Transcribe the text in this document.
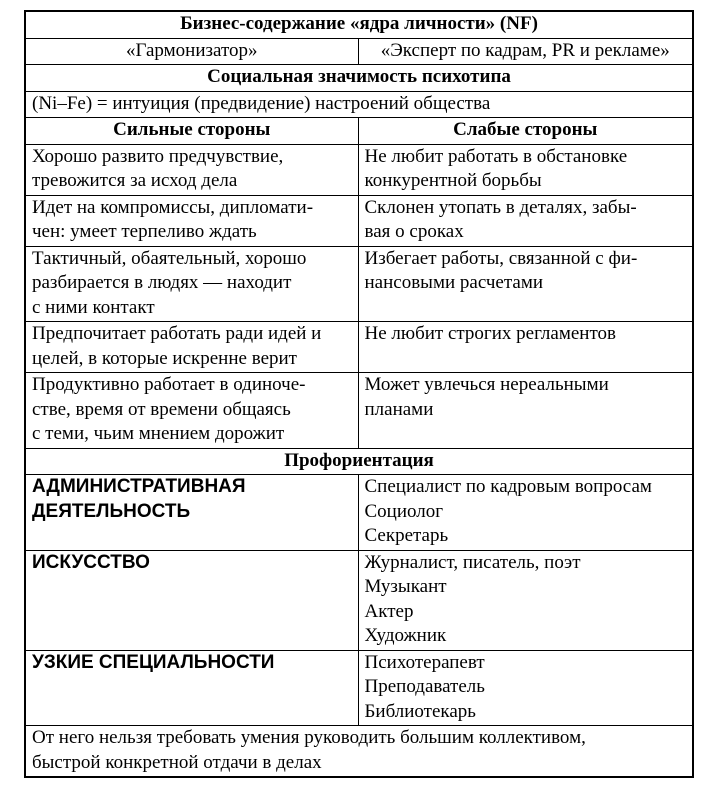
Бизнес-содержание «ядра личности» (NF)	
«Гармонизатор»	«Эксперт по кадрам, PR и рекламе»
Социальная значимость психотипа	
(Ni–Fe) = интуиция (предвидение) настроений общества	
Сильные стороны	Слабые стороны

Хорошо развито предчувствие,
тревожится за исход дела	Не любит работать в обстановке
конкурентной борьбы

Идет на компромиссы, дипломати-
чен: умеет терпеливо ждать	Склонен утопать в деталях, забы-
вая о сроках

Тактичный, обаятельный, хорошо
разбирается в людях — находит
с ними контакт	Избегает работы, связанной с фи-
нансовыми расчетами

Предпочитает работать ради идей и
целей, в которые искренне верит	Не любит строгих регламентов

Продуктивно работает в одиноче-
стве, время от времени общаясь
с теми, чьим мнением дорожит	Может увлечься нереальными
планами

Профориентация	

АДМИНИСТРАТИВНАЯ
ДЕЯТЕЛЬНОСТЬ	Специалист по кадровым вопросам
Социолог
Секретарь

ИСКУССТВО	Журналист, писатель, поэт
Музыкант
Актер
Художник

УЗКИЕ СПЕЦИАЛЬНОСТИ	Психотерапевт
Преподаватель
Библиотекарь

От него нельзя требовать умения руководить большим коллективом,
быстрой конкретной отдачи в делах	
